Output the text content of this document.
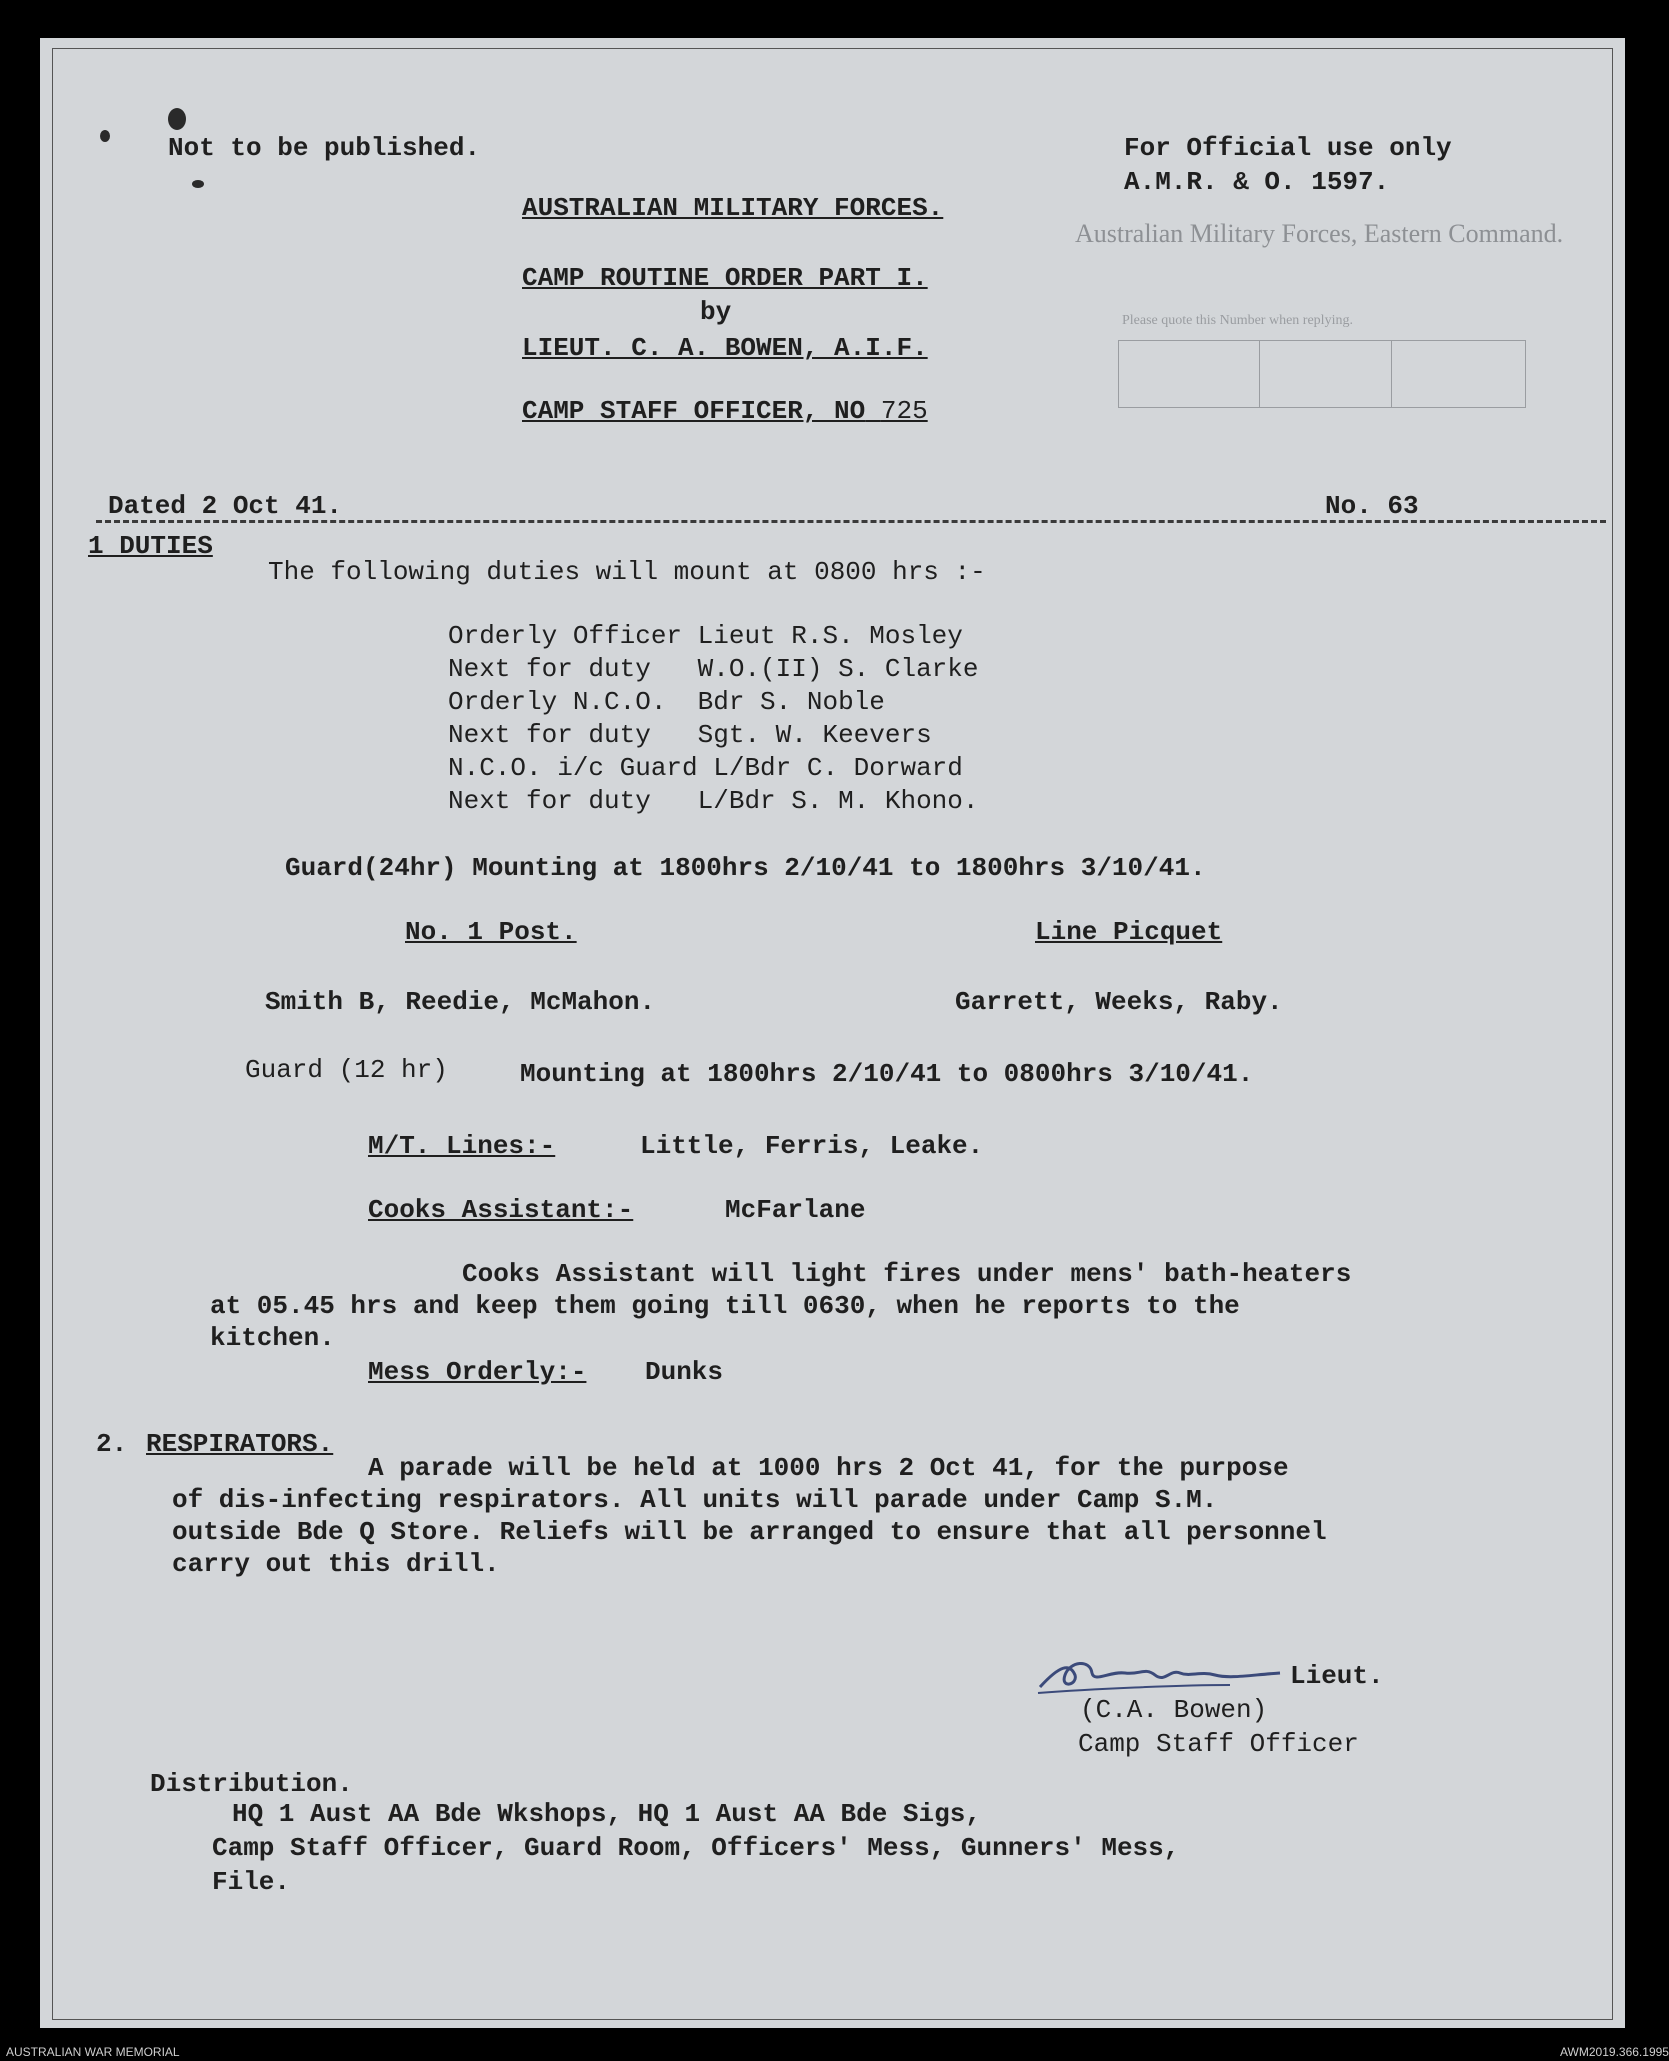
Australian Military Forces, Eastern Command.
Please quote this Number when replying.
Not to be published.	For Official use only
A.M.R. & O. 1597.
AUSTRALIAN MILITARY FORCES.
CAMP ROUTINE ORDER PART I.
by
LIEUT. C. A. BOWEN, A.I.F.
CAMP STAFF OFFICER, NO 725
Dated 2 Oct 41.	No. 63
1 DUTIES
The following duties will mount at 0800 hrs :-
Orderly Officer Lieut R.S. Mosley
Next for duty   W.O.(II) S. Clarke
Orderly N.C.O.  Bdr S. Noble
Next for duty   Sgt. W. Keevers
N.C.O. i/c Guard L/Bdr C. Dorward
Next for duty   L/Bdr S. M. Khono.
Guard(24hr) Mounting at 1800hrs 2/10/41 to 1800hrs 3/10/41.
No. 1 Post.	Line Picquet
Smith B, Reedie, McMahon.	Garrett, Weeks, Raby.
Guard (12 hr)	Mounting at 1800hrs 2/10/41 to 0800hrs 3/10/41.
M/T. Lines:-	Little, Ferris, Leake.
Cooks Assistant:-	McFarlane
Cooks Assistant will light fires under mens' bath-heaters
at 05.45 hrs and keep them going till 0630, when he reports to the
kitchen.
Mess Orderly:- Dunks
2. RESPIRATORS.
A parade will be held at 1000 hrs 2 Oct 41, for the purpose
of dis-infecting respirators. All units will parade under Camp S.M.
outside Bde Q Store. Reliefs will be arranged to ensure that all personnel
carry out this drill.
Lieut.
(C.A. Bowen)
Camp Staff Officer
Distribution.
HQ 1 Aust AA Bde Wkshops, HQ 1 Aust AA Bde Sigs,
Camp Staff Officer, Guard Room, Officers' Mess, Gunners' Mess,
File.
AUSTRALIAN WAR MEMORIAL	AWM2019.366.1995
